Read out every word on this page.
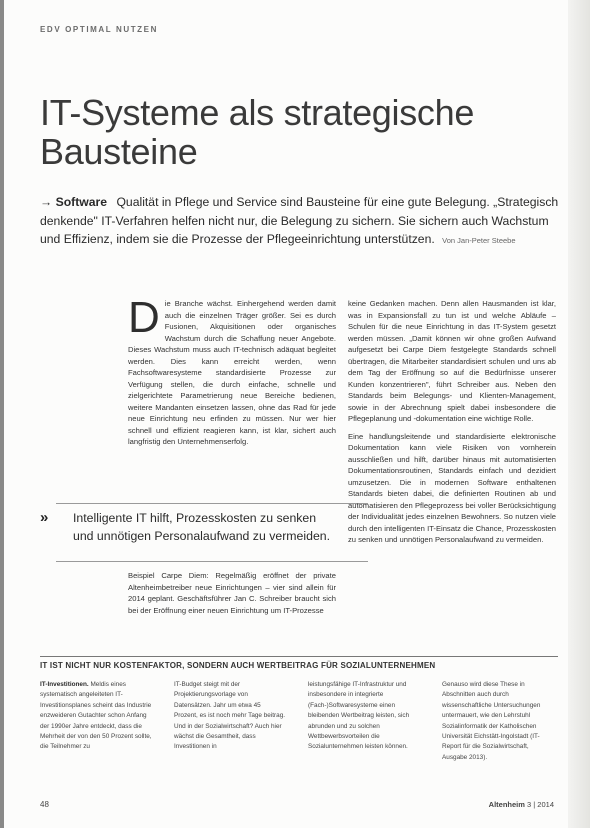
EDV OPTIMAL NUTZEN
IT-Systeme als strategische Bausteine

→ Software Qualität in Pflege und Service sind Bausteine für eine gute Belegung. „Strategisch denkende" IT-Verfahren helfen nicht nur, die Belegung zu sichern. Sie sichern auch Wachstum und Effizienz, indem sie die Prozesse der Pflegeeinrichtung unterstützen. Von Jan-Peter Steebe

D ie Branche wächst. Einhergehend werden damit auch die einzelnen Träger größer. Sei es durch Fusionen, Akquisitionen oder organisches Wachstum durch die Schaffung neuer Angebote. Dieses Wachstum muss auch IT-technisch adäquat begleitet werden. Dies kann erreicht werden, wenn Fachsoftwaresysteme standardisierte Prozesse zur Verfügung stellen, die durch einfache, schnelle und zielgerichtete Parametrierung neue Bereiche bedienen, weitere Mandanten einsetzen lassen, ohne das Rad für jede neue Einrichtung neu erfinden zu müssen. Nur wer hier schnell und effizient reagieren kann, ist klar, sichert auch langfristig den Unternehmenserfolg.

» Intelligente IT hilft, Prozesskosten zu senken und unnötigen Personalaufwand zu vermeiden.

Beispiel Carpe Diem: Regelmäßig eröffnet der private Altenheimbetreiber neue Einrichtungen – vier sind allein für 2014 geplant. Geschäftsführer Jan C. Schreiber braucht sich bei der Eröffnung einer neuen Einrichtung um IT-Prozesse

keine Gedanken machen. Denn allen Hausmanden ist klar, was in Expansionsfall zu tun ist und welche Abläufe – Schulen für die neue Einrichtung in das IT-System gesetzt werden müssen. „Damit können wir ohne großen Aufwand aufgesetzt bei Carpe Diem festgelegte Standards schnell übertragen, die Mitarbeiter standardisiert schulen und uns ab dem Tag der Eröffnung so auf die Bedürfnisse unserer Kunden konzentrieren", führt Schreiber aus. Neben den Standards beim Belegungs- und Klienten-Management, sowie in der Abrechnung spielt dabei insbesondere die Pflegeplanung und -dokumentation eine wichtige Rolle.

Eine handlungsleitende und standardisierte elektronische Dokumentation kann viele Risiken von vornherein ausschließen und hilft, darüber hinaus mit automatisierten Dokumentationsroutinen, Standards einfach und dezidiert umzusetzen. Die in modernen Software enthaltenen Standards bieten dabei, die definierten Routinen ab und automatisieren den Pflegeprozess bei voller Berücksichtigung der Individualität jedes einzelnen Bewohners. So nutzen viele durch den intelligenten IT-Einsatz die Chance, Prozesskosten zu senken und unnötigen Personalaufwand zu vermeiden.

IT IST NICHT NUR KOSTENFAKTOR, SONDERN AUCH WERTBEITRAG FÜR SOZIALUNTERNEHMEN

IT-Investitionen. Meldis eines systematisch angeleiteten IT-Investitionsplanes scheint das Industrie enzweideren Gutachter schon Anfang der 1990er Jahre entdeckt, dass die Mehrheit der von den 50 Prozent sollte, die Teilnehmer zu

IT-Budget steigt mit der Projektierungsvorlage von Datensätzen. Jahr um etwa 45 Prozent, es ist noch mehr Tage beitrag. Und in der Sozialwirtschaft? Auch hier wächst die Gesamtheit, dass Investitionen in

leistungsfähige IT-Infrastruktur und insbesondere in integrierte (Fach-)Softwaresysteme einen bleibenden Wertbeitrag leisten, sich abrunden und zu solchen Wettbewerbsvorteilen die Sozialunternehmen leisten können.

Genauso wird diese These in Abschnitten auch durch wissenschaftliche Untersuchungen untermauert, wie den Lehrstuhl Sozialinformatik der Katholischen Universität Eichstätt-Ingolstadt (IT-Report für die Sozialwirtschaft, Ausgabe 2013).

48	Altenheim 3 | 2014
